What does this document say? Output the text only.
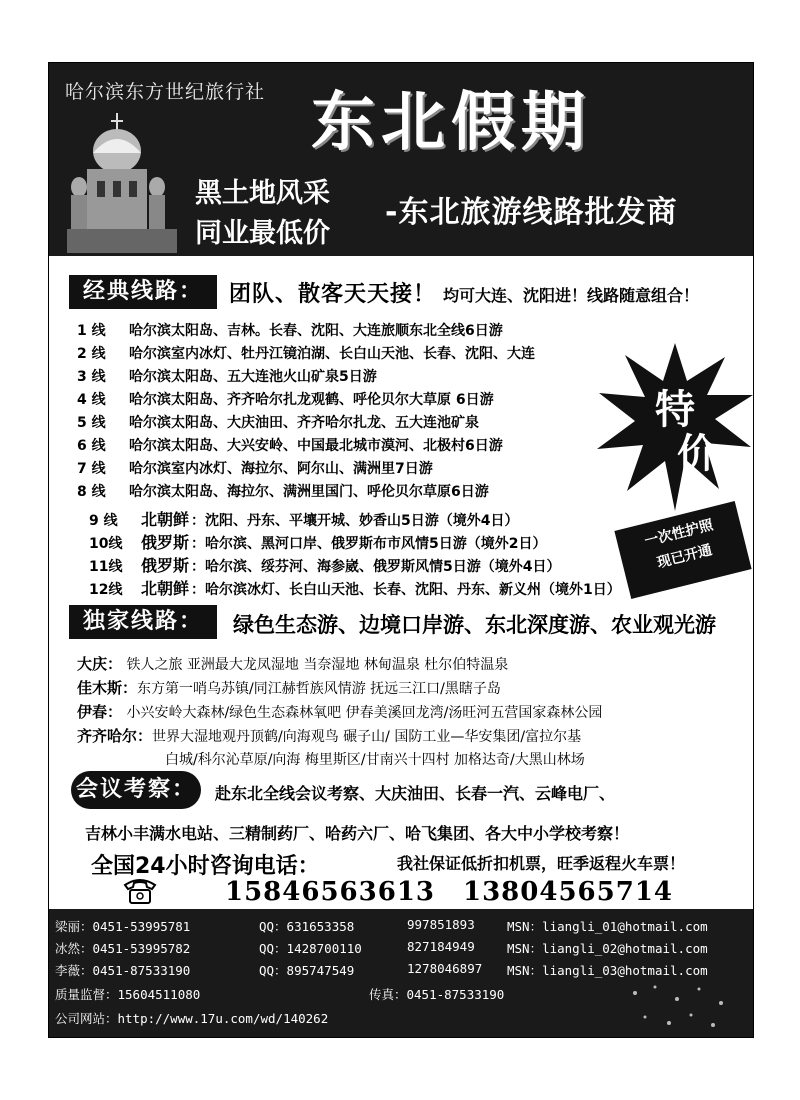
哈尔滨东方世纪旅行社 东北假期
黑土地风采
同业最低价
-东北旅游线路批发商
经典线路：	团队、散客天天接！ 均可大连、沈阳进！线路随意组合！
1 线 哈尔滨太阳岛、吉林。长春、沈阳、大连旅顺东北全线6日游
2 线 哈尔滨室内冰灯、牡丹江镜泊湖、长白山天池、长春、沈阳、大连
3 线 哈尔滨太阳岛、五大连池火山矿泉5日游
4 线 哈尔滨太阳岛、齐齐哈尔扎龙观鹤、呼伦贝尔大草原 6日游
5 线 哈尔滨太阳岛、大庆油田、齐齐哈尔扎龙、五大连池矿泉
6 线 哈尔滨太阳岛、大兴安岭、中国最北城市漠河、北极村6日游
7 线 哈尔滨室内冰灯、海拉尔、阿尔山、满洲里7日游
8 线 哈尔滨太阳岛、海拉尔、满洲里国门、呼伦贝尔草原6日游
9 线 北朝鲜 ：沈阳、丹东、平壤开城、妙香山5日游（境外4日）
10线 俄罗斯 ：哈尔滨、黑河口岸、俄罗斯布市风情5日游（境外2日）
11线 俄罗斯 ：哈尔滨、绥芬河、海参崴、俄罗斯风情5日游（境外4日）
12线 北朝鲜 ：哈尔滨冰灯、长白山天池、长春、沈阳、丹东、新义州（境外1日）
特
价
一次性护照
现已开通
独家线路：	绿色生态游、边境口岸游、东北深度游、农业观光游
大庆： 铁人之旅 亚洲最大龙凤湿地 当奈湿地 林甸温泉 杜尔伯特温泉
佳木斯：东方第一哨乌苏镇/同江赫哲族风情游 抚远三江口/黑瞎子岛
伊春： 小兴安岭大森林/绿色生态森林氧吧 伊春美溪回龙湾/汤旺河五营国家森林公园
齐齐哈尔：世界大湿地观丹顶鹤/向海观鸟 碾子山/ 国防工业—华安集团/富拉尔基
白城/科尔沁草原/向海 梅里斯区/甘南兴十四村 加格达奇/大黑山林场
会议考察：	赴东北全线会议考察、大庆油田、长春一汽、云峰电厂、
吉林小丰满水电站、三精制药厂、哈药六厂、哈飞集团、各大中小学校考察！
全国24小时咨询电话：	我社保证低折扣机票，旺季返程火车票！
15846563613 13804565714
梁丽：0451-53995781	QQ：631653358	997851893	MSN：liangli_01@hotmail.com
冰然：0451-53995782	QQ：1428700110	827184949	MSN：liangli_02@hotmail.com
李薇：0451-87533190	QQ：895747549	1278046897 MSN：liangli_03@hotmail.com
质量监督：15604511080	传真：0451-87533190
公司网站：http://www.17u.com/wd/140262
